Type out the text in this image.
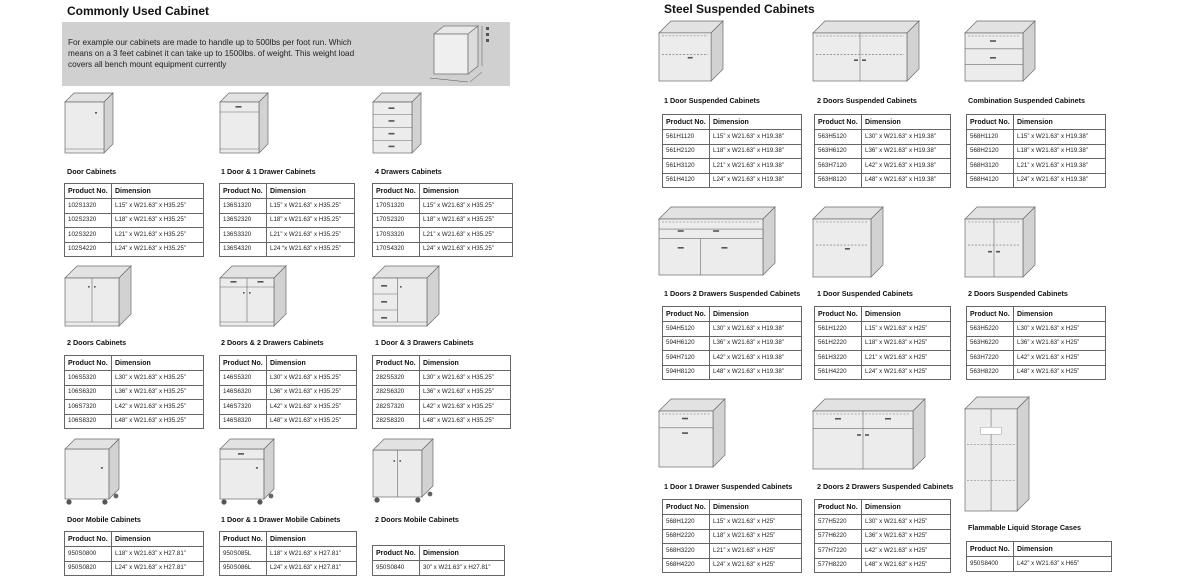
Commonly Used Cabinet	Steel Suspended Cabinets
For example our cabinets are made to handle up to 500lbs per foot run. Which means on a 3 feet cabinet it can take up to 1500lbs. of weight. This weight load covers all bench mount equipment currently
Door Cabinets
Product No.	Dimension
102S1320	L15” x W21.63” x H35.25”
102S2320	L18” x W21.63” x H35.25”
102S3220	L21” x W21.63” x H35.25”
102S4220	L24” x W21.63” x H35.25”
1 Door & 1 Drawer Cabinets
Product No.	Dimension
136S1320	L15” x W21.63” x H35.25”
136S2320	L18” x W21.63” x H35.25”
136S3320	L21” x W21.63” x H35.25”
136S4320	L24 “x W21.63” x H35.25”
4 Drawers Cabinets
Product No.	Dimension
170S1320	L15” x W21.63” x H35.25”
170S2320	L18” x W21.63” x H35.25”
170S3320	L21” x W21.63” x H35.25”
170S4320	L24” x W21.63” x H35.25”
2 Doors Cabinets
Product No.	Dimension
106S5320	L30” x W21.63” x H35.25”
106S6320	L36” x W21.63” x H35.25”
106S7320	L42” x W21.63” x H35.25”
106S8320	L48” x W21.63” x H35.25”
2 Doors & 2 Drawers Cabinets
Product No.	Dimension
146S5320	L30” x W21.63” x H35.25”
146S6320	L36” x W21.63” x H35.25”
146S7320	L42” x W21.63” x H35.25”
146S8320	L48” x W21.63” x H35.25”
1 Door & 3 Drawers Cabinets
Product No.	Dimension
282S5320	L30” x W21.63” x H35.25”
282S6320	L36” x W21.63” x H35.25”
282S7320	L42” x W21.63” x H35.25”
282S8320	L48” x W21.63” x H35.25”
Door Mobile Cabinets
Product No.	Dimension
950S0800	L18” x W21.63” x H27.81”
950S0820	L24” x W21.63” x H27.81”
1 Door & 1 Drawer Mobile Cabinets
Product No.	Dimension
950S085L	L18” x W21.63” x H27.81”
950S086L	L24” x W21.63” x H27.81”
2 Doors Mobile Cabinets
Product No.	Dimension
950S0840	30” x W21.63” x H27.81”
1 Door Suspended Cabinets
Product No.	Dimension
561H1120	L15” x W21.63” x H19.38”
561H2120	L18” x W21.63” x H19.38”
561H3120	L21” x W21.63” x H19.38”
561H4120	L24” x W21.63” x H19.38”
2 Doors Suspended Cabinets
Product No.	Dimension
563H5120	L30” x W21.63” x H19.38”
563H6120	L36” x W21.63” x H19.38”
563H7120	L42” x W21.63” x H19.38”
563H8120	L48” x W21.63” x H19.38”
Combination Suspended Cabinets
Product No.	Dimension
568H1120	L15” x W21.63” x H19.38”
568H2120	L18” x W21.63” x H19.38”
568H3120	L21” x W21.63” x H19.38”
568H4120	L24” x W21.63” x H19.38”
1 Doors 2 Drawers Suspended Cabinets
Product No.	Dimension
594H5120	L30” x W21.63” x H19.38”
594H6120	L36” x W21.63” x H19.38”
594H7120	L42” x W21.63” x H19.38”
594H8120	L48” x W21.63” x H19.38”
1 Door Suspended Cabinets
Product No.	Dimension
561H1220	L15” x W21.63” x H25”
561H2220	L18” x W21.63” x H25”
561H3220	L21” x W21.63” x H25”
561H4220	L24” x W21.63” x H25”
2 Doors Suspended Cabinets
Product No.	Dimension
563H5220	L30” x W21.63” x H25”
563H6220	L36” x W21.63” x H25”
563H7220	L42” x W21.63” x H25”
563H8220	L48” x W21.63” x H25”
1 Door 1 Drawer Suspended Cabinets
Product No.	Dimension
568H1220	L15” x W21.63” x H25”
568H2220	L18” x W21.63” x H25”
568H3220	L21” x W21.63” x H25”
568H4220	L24” x W21.63” x H25”
2 Doors 2 Drawers Suspended Cabinets
Product No.	Dimension
577H5220	L30” x W21.63” x H25”
577H6220	L36” x W21.63” x H25”
577H7220	L42” x W21.63” x H25”
577H8220	L48” x W21.63” x H25”
Flammable Liquid Storage Cases
Product No.	Dimension
950S8400	L42” x W21.63” x H65”
